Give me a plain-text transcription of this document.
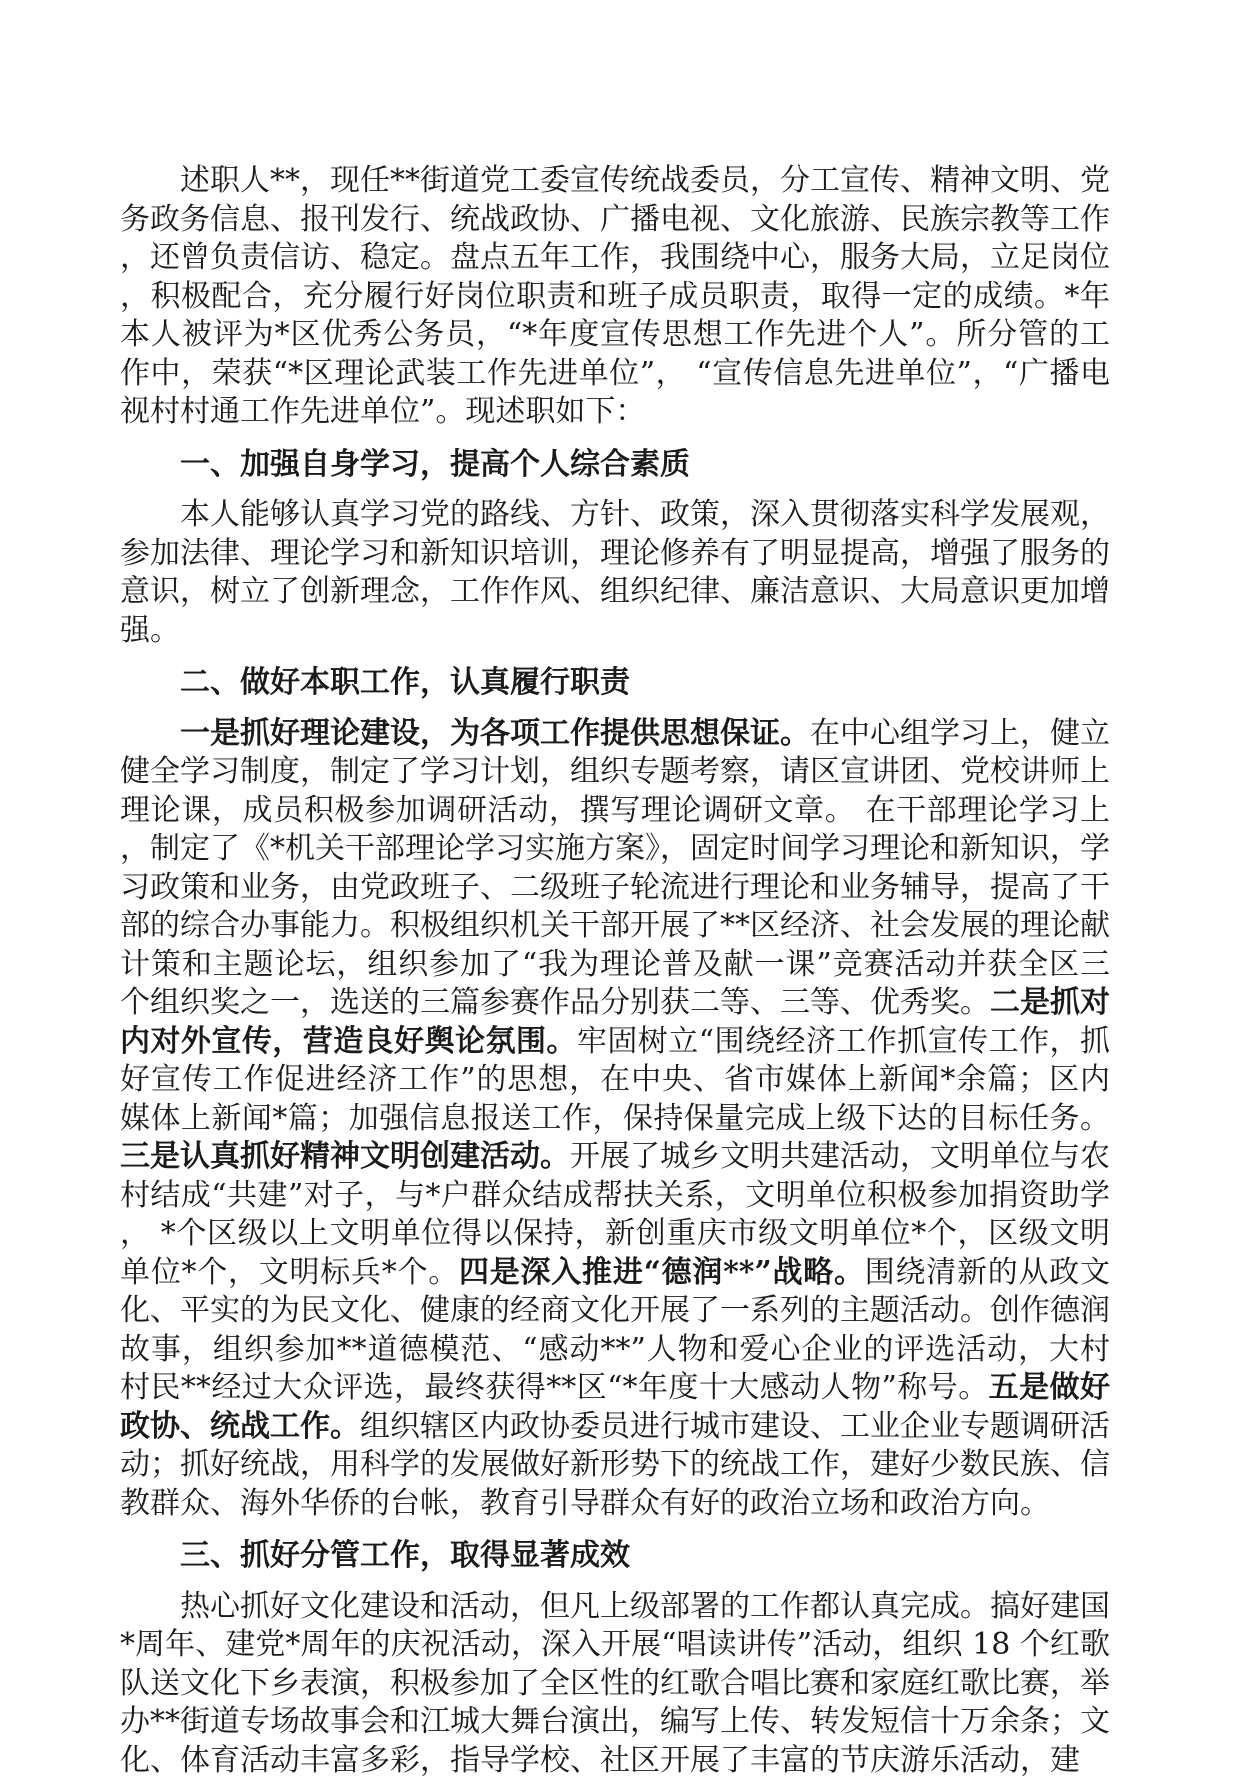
述职人**，现任**街道党工委宣传统战委员，分工宣传、精神文明、党务政务信息、报刊发行、统战政协、广播电视、文化旅游、民族宗教等工作，还曾负责信访、稳定。盘点五年工作，我围绕中心，服务大局，立足岗位，积极配合，充分履行好岗位职责和班子成员职责，取得一定的成绩。*年本人被评为*区优秀公务员，“*年度宣传思想工作先进个人”。所分管的工作中，荣获“*区理论武装工作先进单位”， “宣传信息先进单位”，“广播电视村村通工作先进单位”。现述职如下：

一、加强自身学习，提高个人综合素质

本人能够认真学习党的路线、方针、政策，深入贯彻落实科学发展观，参加法律、理论学习和新知识培训，理论修养有了明显提高，增强了服务的意识，树立了创新理念，工作作风、组织纪律、廉洁意识、大局意识更加增强。

二、做好本职工作，认真履行职责

一是抓好理论建设，为各项工作提供思想保证。在中心组学习上，健立健全学习制度，制定了学习计划，组织专题考察，请区宣讲团、党校讲师上理论课，成员积极参加调研活动，撰写理论调研文章。 在干部理论学习上，制定了《*机关干部理论学习实施方案》，固定时间学习理论和新知识，学习政策和业务，由党政班子、二级班子轮流进行理论和业务辅导，提高了干部的综合办事能力。积极组织机关干部开展了**区经济、社会发展的理论献计策和主题论坛，组织参加了“我为理论普及献一课”竞赛活动并获全区三个组织奖之一，选送的三篇参赛作品分别获二等、三等、优秀奖。二是抓对内对外宣传，营造良好舆论氛围。牢固树立“围绕经济工作抓宣传工作，抓好宣传工作促进经济工作”的思想，在中央、省市媒体上新闻*余篇；区内媒体上新闻*篇；加强信息报送工作，保持保量完成上级下达的目标任务。三是认真抓好精神文明创建活动。开展了城乡文明共建活动，文明单位与农村结成“共建”对子，与*户群众结成帮扶关系，文明单位积极参加捐资助学， *个区级以上文明单位得以保持，新创重庆市级文明单位*个，区级文明单位*个，文明标兵*个。四是深入推进“德润**”战略。围绕清新的从政文化、平实的为民文化、健康的经商文化开展了一系列的主题活动。创作德润故事，组织参加**道德模范、“感动**”人物和爱心企业的评选活动，大村村民**经过大众评选，最终获得**区“*年度十大感动人物”称号。五是做好政协、统战工作。组织辖区内政协委员进行城市建设、工业企业专题调研活动；抓好统战，用科学的发展做好新形势下的统战工作，建好少数民族、信教群众、海外华侨的台帐，教育引导群众有好的政治立场和政治方向。

三、抓好分管工作，取得显著成效

热心抓好文化建设和活动，但凡上级部署的工作都认真完成。搞好建国*周年、建党*周年的庆祝活动，深入开展“唱读讲传”活动，组织 18 个红歌队送文化下乡表演，积极参加了全区性的红歌合唱比赛和家庭红歌比赛，举办**街道专场故事会和江城大舞台演出，编写上传、转发短信十万余条；文化、体育活动丰富多彩，指导学校、社区开展了丰富的节庆游乐活动，建
